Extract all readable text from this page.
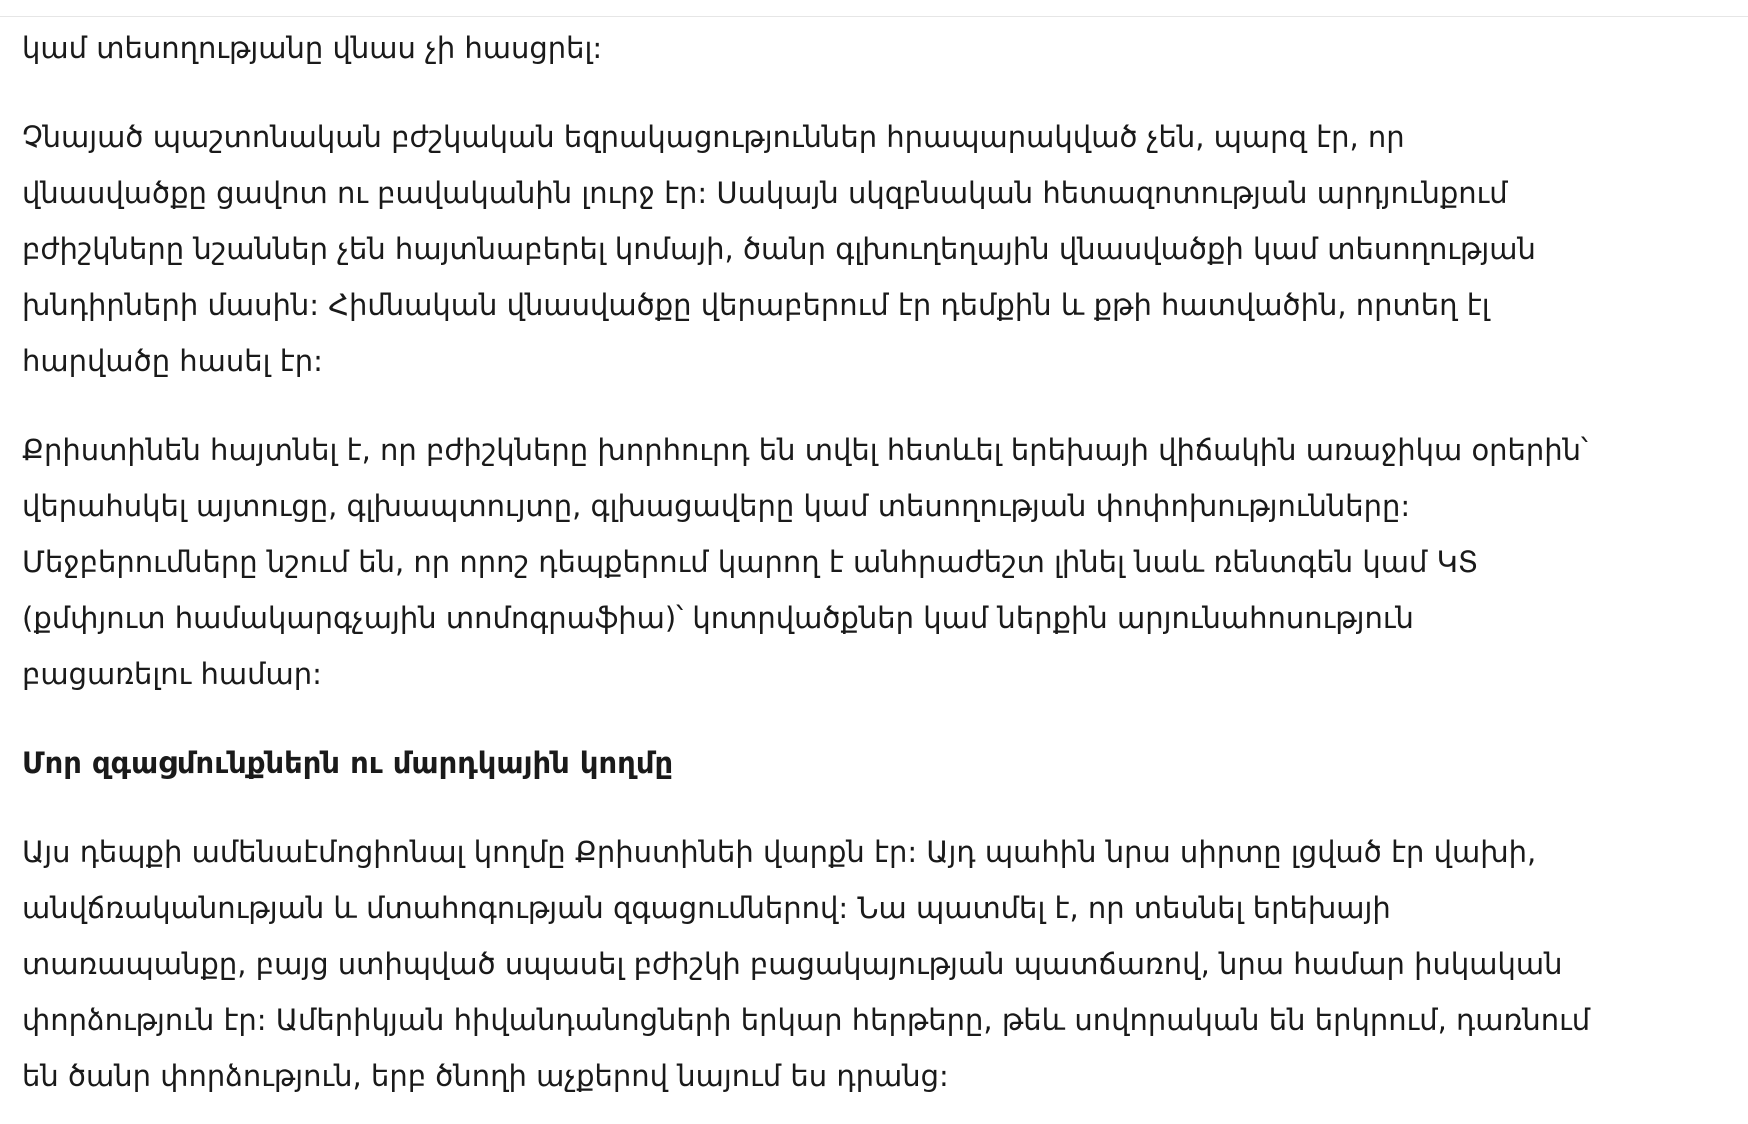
կամ տեսողությանը վնաս չի հասցրել:

Չնայած պաշտոնական բժշկական եզրակացություններ հրապարակված չեն, պարզ էր, որ
վնասվածքը ցավոտ ու բավականին լուրջ էր: Սակայն սկզբնական հետազոտության արդյունքում
բժիշկները նշաններ չեն հայտնաբերել կոմայի, ծանր գլխուղեղային վնասվածքի կամ տեսողության
խնդիրների մասին: Հիմնական վնասվածքը վերաբերում էր դեմքին և քթի հատվածին, որտեղ էլ
հարվածը հասել էր:

Քրիստինեն հայտնել է, որ բժիշկները խորհուրդ են տվել հետևել երեխայի վիճակին առաջիկա օրերին՝
վերահսկել այտուցը, գլխապտույտը, գլխացավերը կամ տեսողության փոփոխությունները:
Մեջբերումները նշում են, որ որոշ դեպքերում կարող է անհրաժեշտ լինել նաև ռենտգեն կամ ԿՏ
(քմփյուտ համակարգչային տոմոգրաֆիա)՝ կոտրվածքներ կամ ներքին արյունահոսություն
բացառելու համար:

Մոր զգացմունքներն ու մարդկային կողմը

Այս դեպքի ամենաէմոցիոնալ կողմը Քրիստինեի վարքն էր: Այդ պահին նրա սիրտը լցված էր վախի,
անվճռականության և մտահոգության զգացումներով: Նա պատմել է, որ տեսնել երեխայի
տառապանքը, բայց ստիպված սպասել բժիշկի բացակայության պատճառով, նրա համար իսկական
փորձություն էր: Ամերիկյան հիվանդանոցների երկար հերթերը, թեև սովորական են երկրում, դառնում
են ծանր փորձություն, երբ ծնողի աչքերով նայում ես դրանց:
